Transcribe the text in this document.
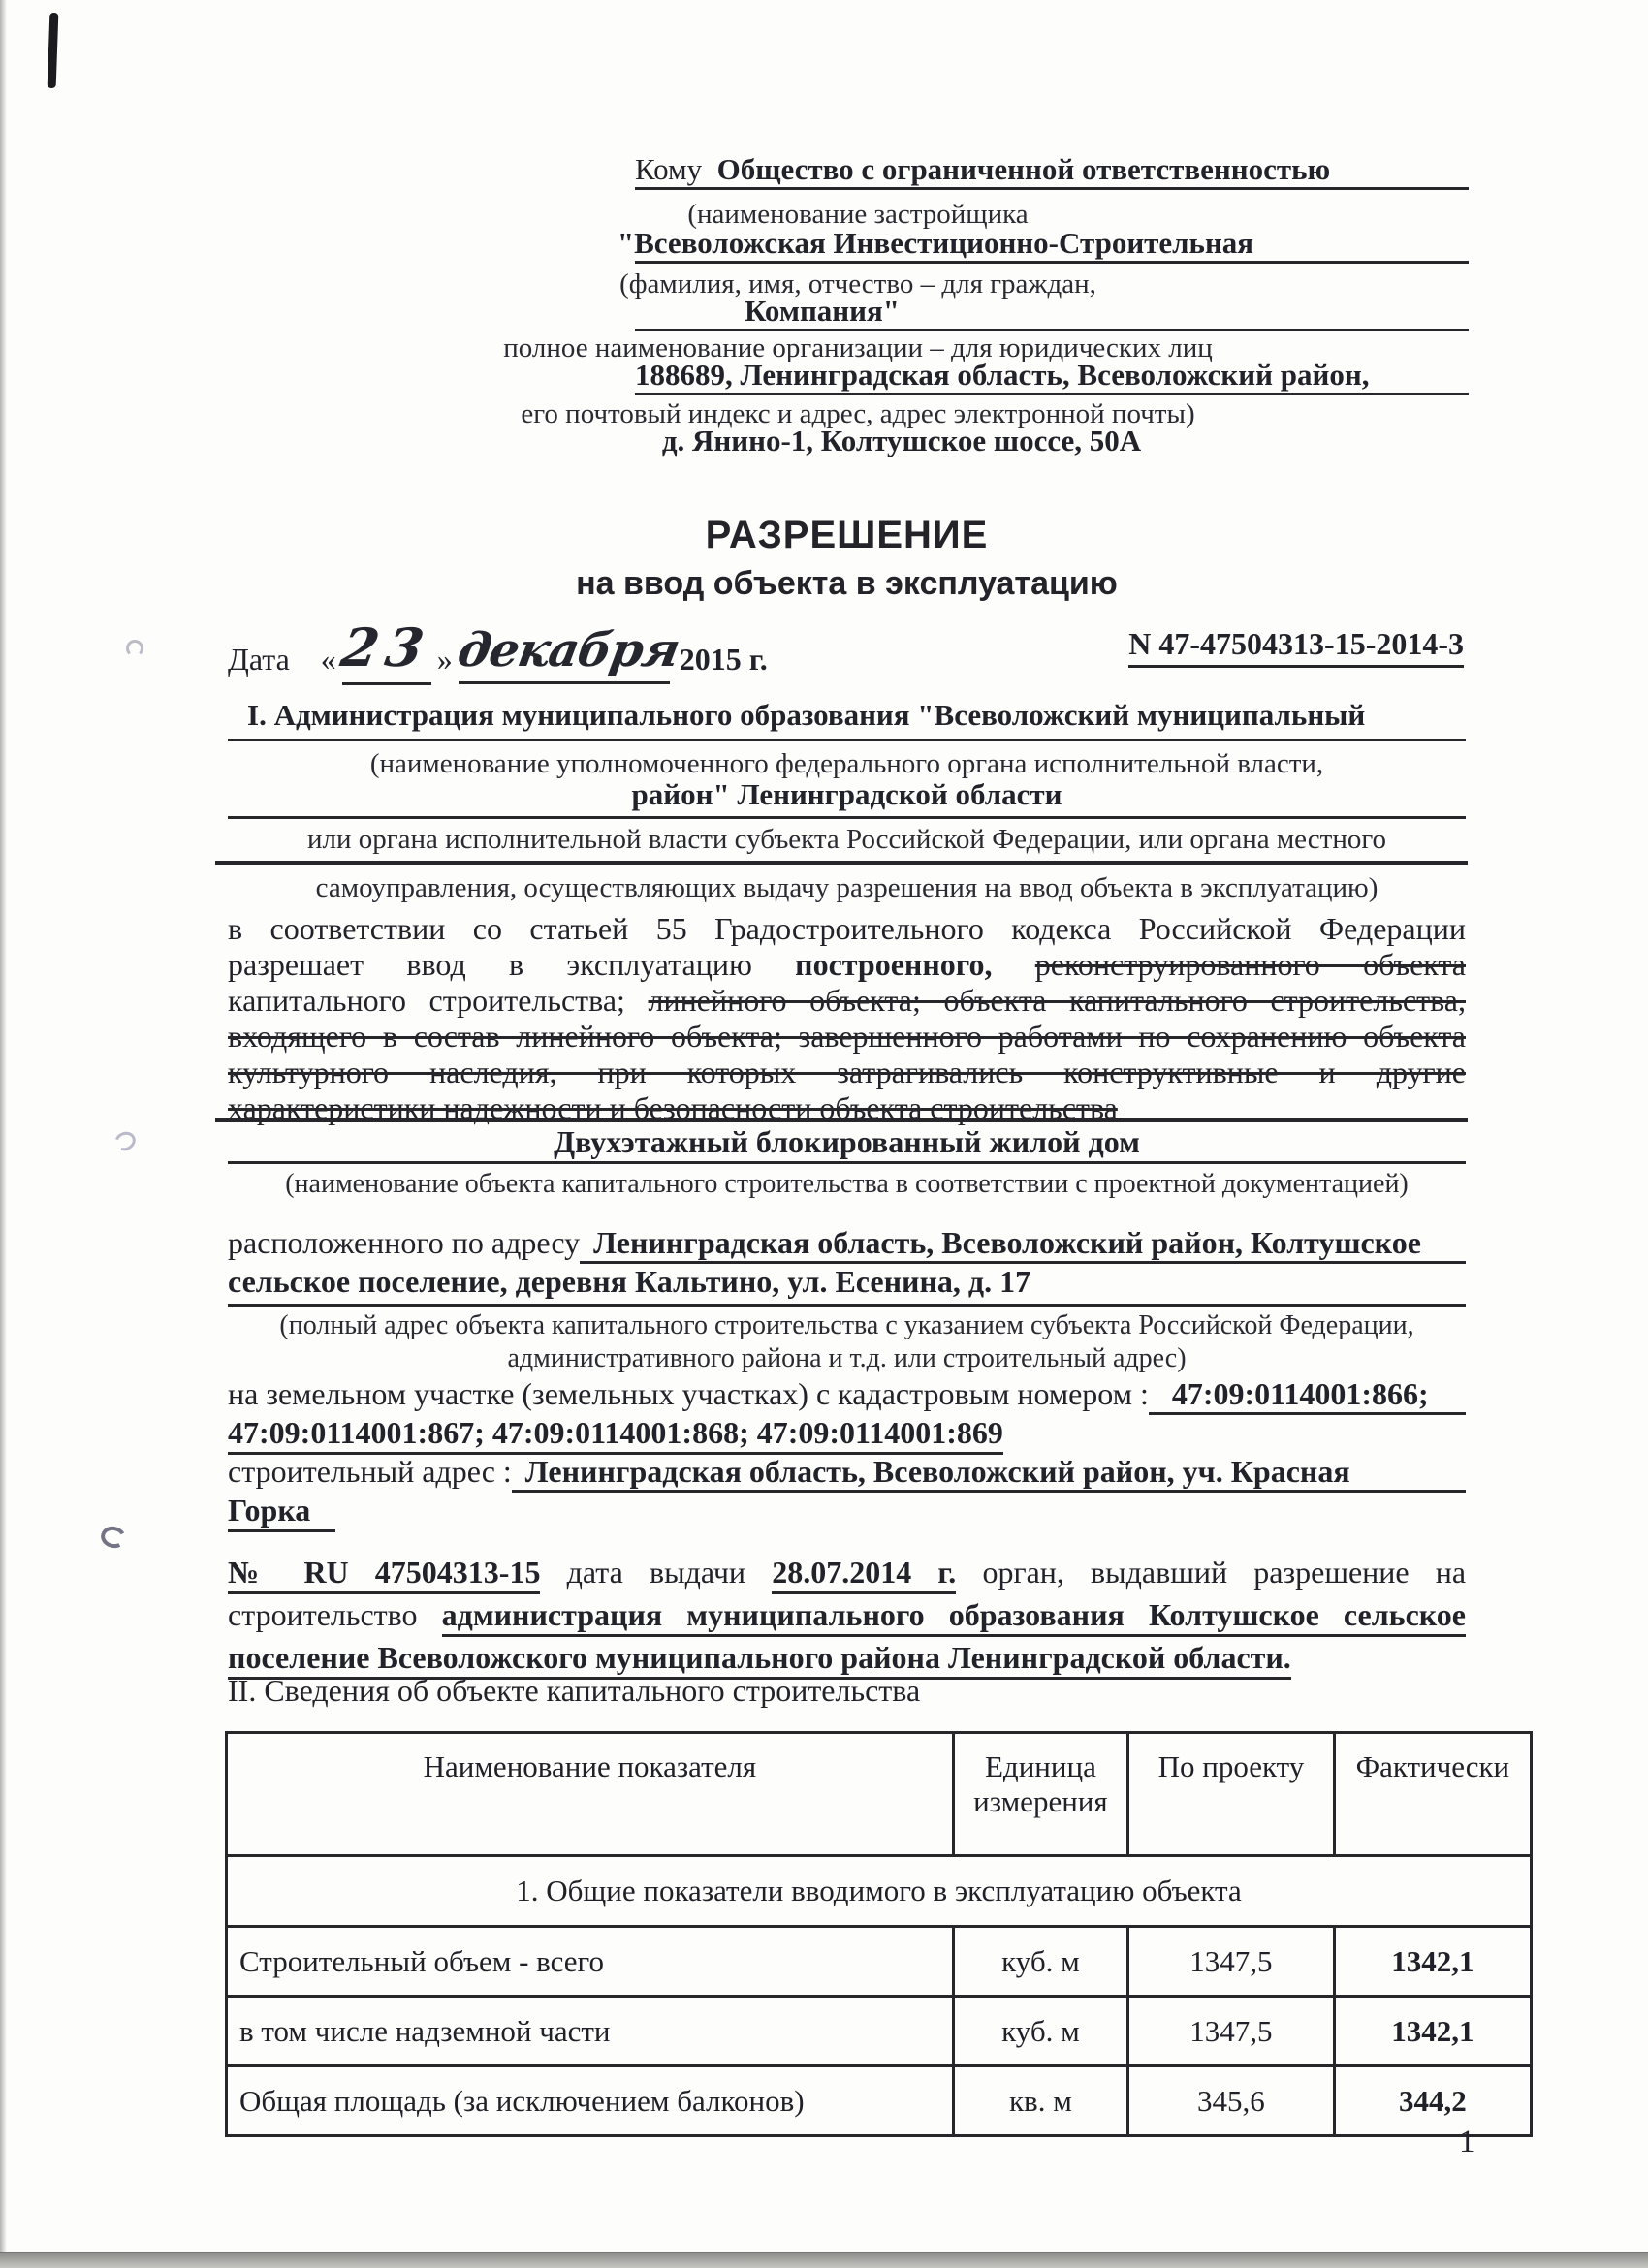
Кому Общество с ограниченной ответственностью
(наименование застройщика
"Всеволожская Инвестиционно-Строительная
(фамилия, имя, отчество – для граждан,
Компания"
полное наименование организации – для юридических лиц
188689, Ленинградская область, Всеволожский район,
его почтовый индекс и адрес, адрес электронной почты)
д. Янино-1, Колтушское шоссе, 50А
РАЗРЕШЕНИЕ
на ввод объекта в эксплуатацию
Дата «23»декабря2015 г.	N 47-47504313-15-2014-3
I. Администрация муниципального образования "Всеволожский муниципальный
(наименование уполномоченного федерального органа исполнительной власти,
район" Ленинградской области
или органа исполнительной власти субъекта Российской Федерации, или органа местного
самоуправления, осуществляющих выдачу разрешения на ввод объекта в эксплуатацию)
в соответствии со статьей 55 Градостроительного кодекса Российской Федерации
разрешает ввод в эксплуатацию построенного, реконструированного объекта
капитального строительства; линейного объекта; объекта капитального строительства,
входящего в состав линейного объекта; завершенного работами по сохранению объекта
культурного наследия, при которых затрагивались конструктивные и другие
характеристики надежности и безопасности объекта строительства
Двухэтажный блокированный жилой дом
(наименование объекта капитального строительства в соответствии с проектной документацией)
расположенного по адресу Ленинградская область, Всеволожский район, Колтушское
сельское поселение, деревня Кальтино, ул. Есенина, д. 17
(полный адрес объекта капитального строительства с указанием субъекта Российской Федерации,
административного района и т.д. или строительный адрес)
на земельном участке (земельных участках) с кадастровым номером : 47:09:0114001:866;
47:09:0114001:867; 47:09:0114001:868; 47:09:0114001:869
строительный адрес : Ленинградская область, Всеволожский район, уч. Красная
Горка
№ RU 47504313-15 дата выдачи 28.07.2014 г. орган, выдавший разрешение на
строительство администрация муниципального образования Колтушское сельское
поселение Всеволожского муниципального района Ленинградской области.
II. Сведения об объекте капитального строительства
Наименование показателя	Единица измерения	По проекту	Фактически
1. Общие показатели вводимого в эксплуатацию объекта			
Строительный объем - всего	куб. м	1347,5	1342,1
в том числе надземной части	куб. м	1347,5	1342,1
Общая площадь (за исключением балконов)	кв. м	345,6	344,2
1
